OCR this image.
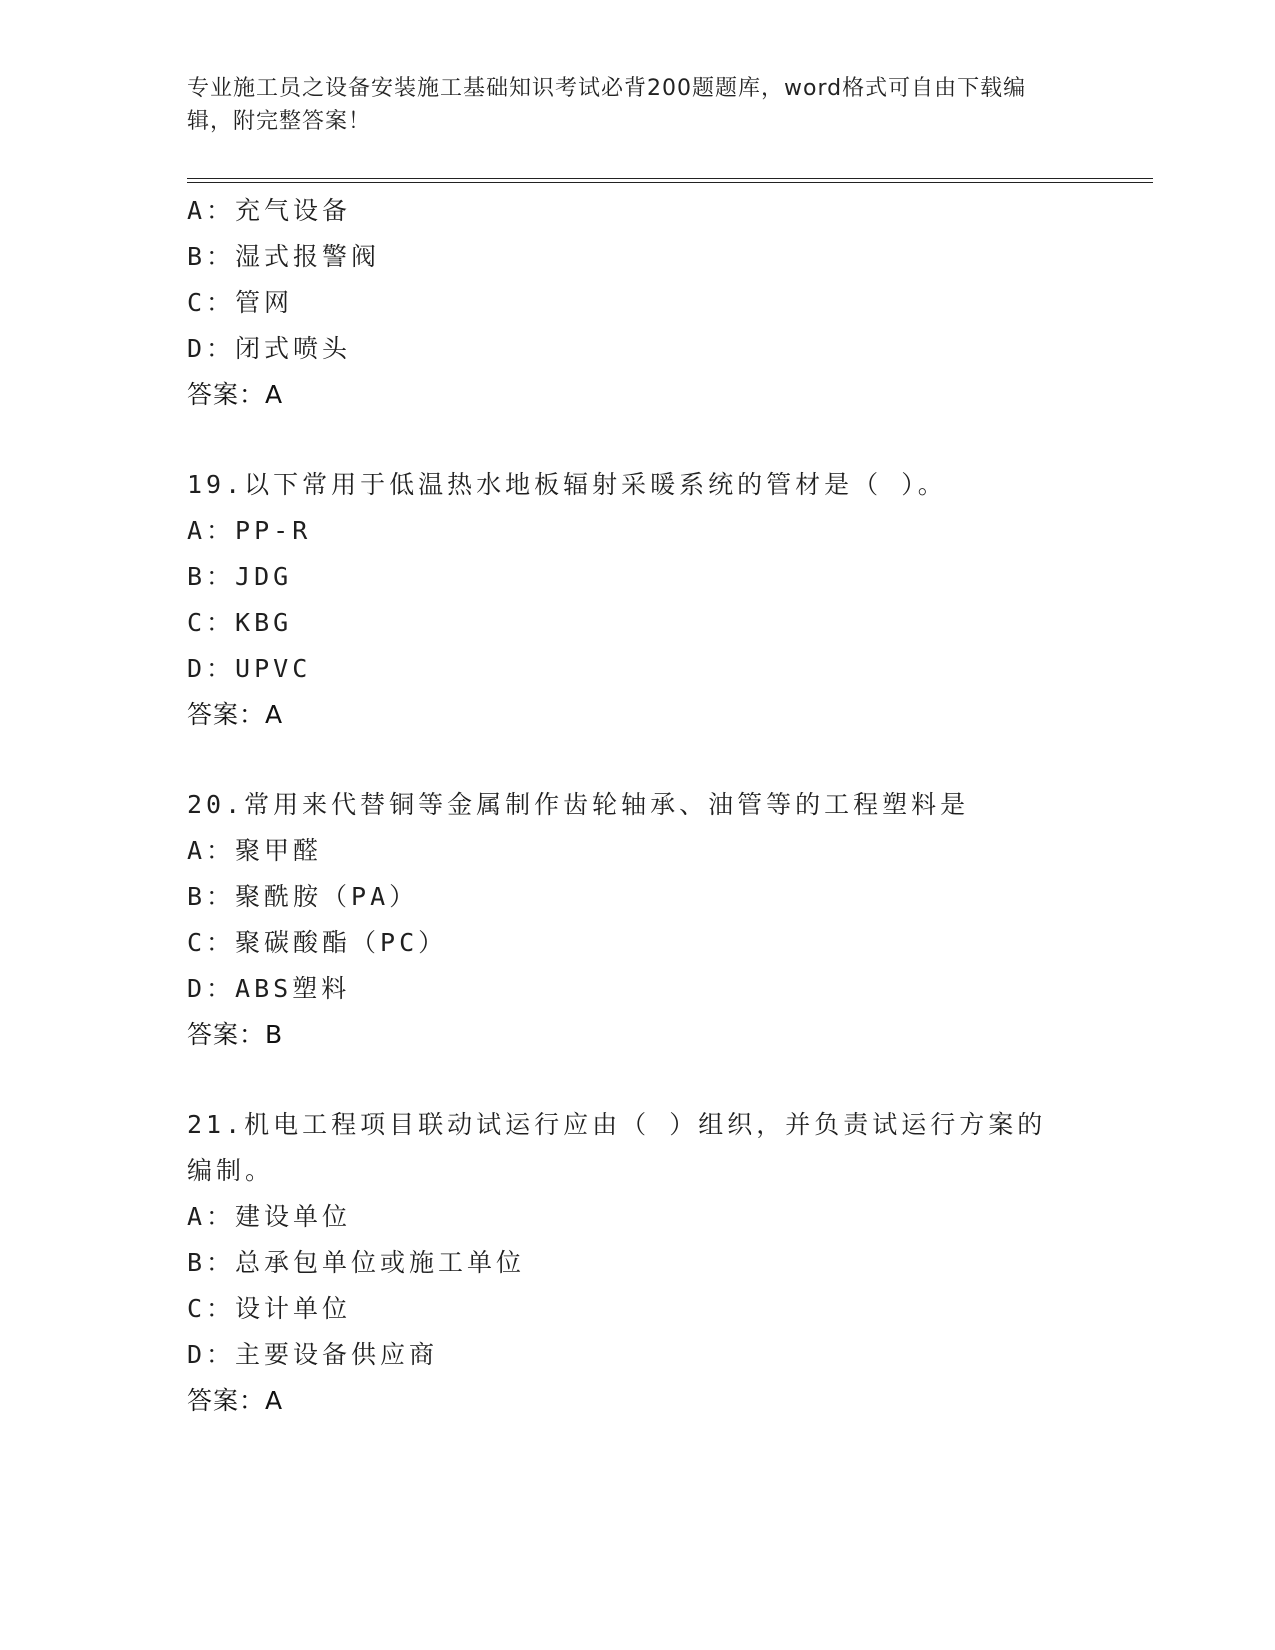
专业施工员之设备安装施工基础知识考试必背200题题库，word格式可自由下载编辑，附完整答案！
A：充气设备
B：湿式报警阀
C：管网
D：闭式喷头
答案：A
19.以下常用于低温热水地板辐射采暖系统的管材是（ ）。
A：PP-R
B：JDG
C：KBG
D：UPVC
答案：A
20.常用来代替铜等金属制作齿轮轴承、油管等的工程塑料是
A：聚甲醛
B：聚酰胺（PA）
C：聚碳酸酯（PC）
D：ABS塑料
答案：B
21.机电工程项目联动试运行应由（ ）组织，并负责试运行方案的编制。
A：建设单位
B：总承包单位或施工单位
C：设计单位
D：主要设备供应商
答案：A
